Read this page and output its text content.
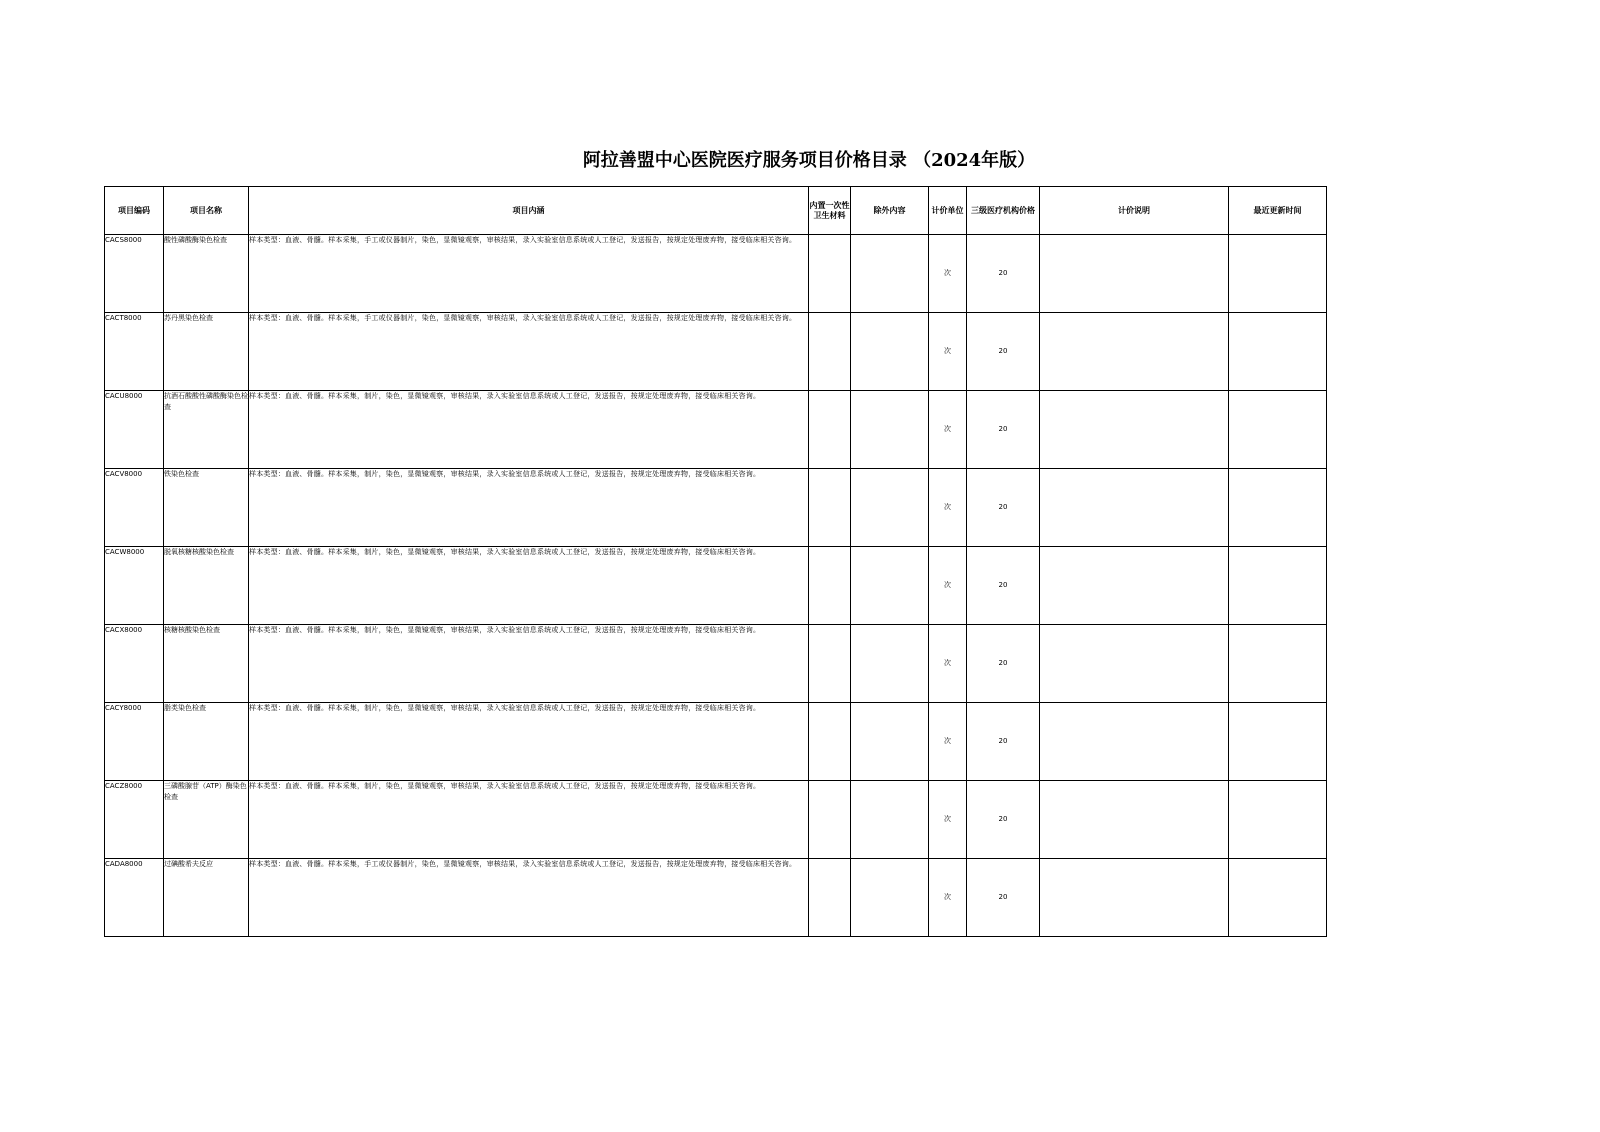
阿拉善盟中心医院医疗服务项目价格目录 （2024年版）
项目编码	项目名称	项目内涵	内置一次性卫生材料	除外内容	计价单位	三级医疗机构价格	计价说明	最近更新时间
CACS8000	酸性磷酸酶染色检查	样本类型：血液、骨髓。样本采集，手工或仪器制片，染色，显微镜观察，审核结果，录入实验室信息系统或人工登记，发送报告，按规定处理废弃物，接受临床相关咨询。			次	20		
CACT8000	苏丹黑染色检查	样本类型：血液、骨髓。样本采集，手工或仪器制片，染色，显微镜观察，审核结果，录入实验室信息系统或人工登记，发送报告，按规定处理废弃物，接受临床相关咨询。			次	20		
CACU8000	抗酒石酸酸性磷酸酶染色检查	样本类型：血液、骨髓。样本采集，制片，染色，显微镜观察，审核结果，录入实验室信息系统或人工登记，发送报告，按规定处理废弃物，接受临床相关咨询。			次	20		
CACV8000	铁染色检查	样本类型：血液、骨髓。样本采集，制片，染色，显微镜观察，审核结果，录入实验室信息系统或人工登记，发送报告，按规定处理废弃物，接受临床相关咨询。			次	20		
CACW8000	脱氧核糖核酸染色检查	样本类型：血液、骨髓。样本采集，制片，染色，显微镜观察，审核结果，录入实验室信息系统或人工登记，发送报告，按规定处理废弃物，接受临床相关咨询。			次	20		
CACX8000	核糖核酸染色检查	样本类型：血液、骨髓。样本采集，制片，染色，显微镜观察，审核结果，录入实验室信息系统或人工登记，发送报告，按规定处理废弃物，接受临床相关咨询。			次	20		
CACY8000	脂类染色检查	样本类型：血液、骨髓。样本采集，制片，染色，显微镜观察，审核结果，录入实验室信息系统或人工登记，发送报告，按规定处理废弃物，接受临床相关咨询。			次	20		
CACZ8000	三磷酸腺苷（ATP）酶染色检查	样本类型：血液、骨髓。样本采集，制片，染色，显微镜观察，审核结果，录入实验室信息系统或人工登记，发送报告，按规定处理废弃物，接受临床相关咨询。			次	20		
CADA8000	过碘酸希夫反应	样本类型：血液、骨髓。样本采集，手工或仪器制片，染色，显微镜观察，审核结果，录入实验室信息系统或人工登记，发送报告，按规定处理废弃物，接受临床相关咨询。			次	20		
